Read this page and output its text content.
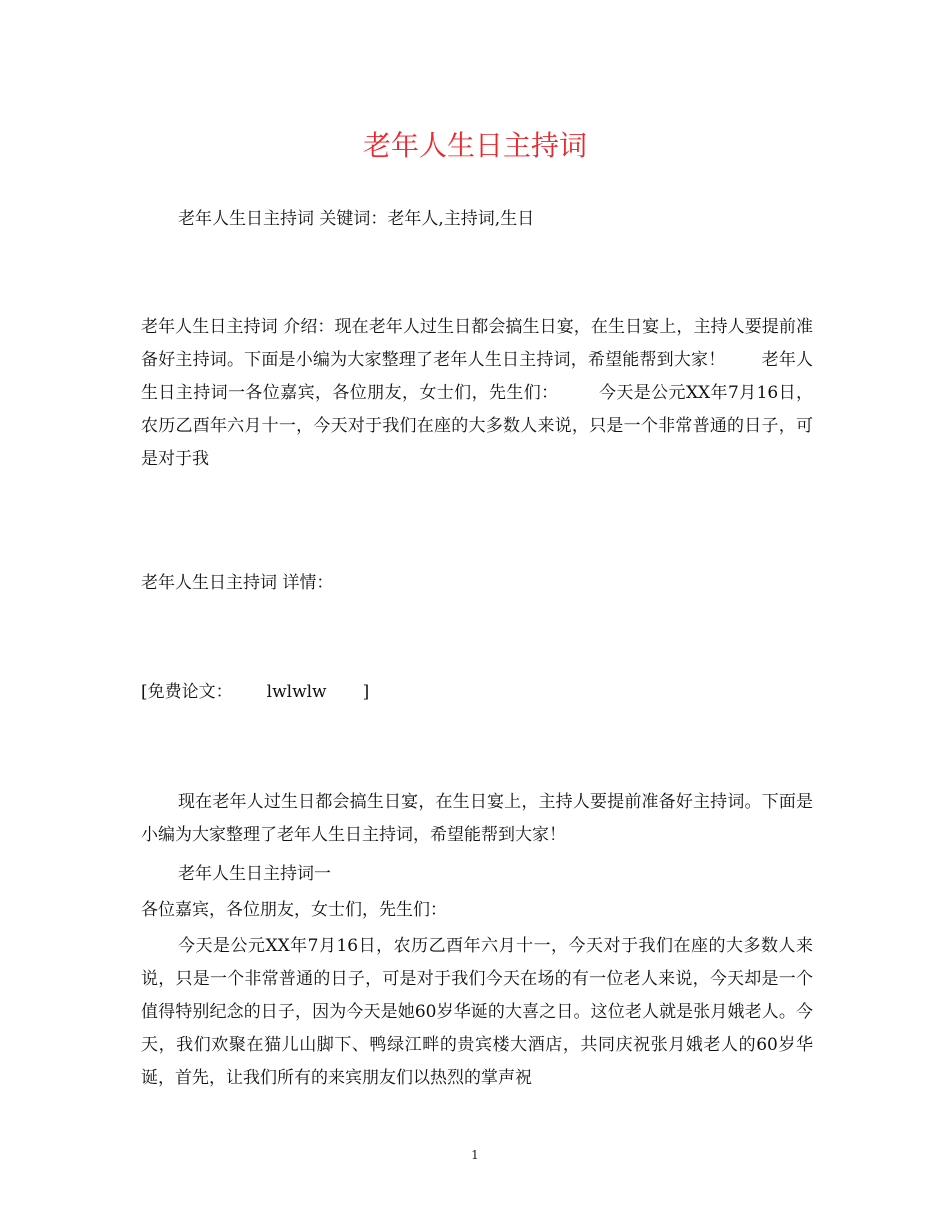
老年人生日主持词

老年人生日主持词 关键词：老年人,主持词,生日

老年人生日主持词 介绍：现在老年人过生日都会搞生日宴，在生日宴上，主持人要提前准备好主持词。下面是小编为大家整理了老年人生日主持词，希望能帮到大家！ 老年人生日主持词一各位嘉宾，各位朋友，女士们，先生们： 今天是公元XX年7月16日，农历乙酉年六月十一，今天对于我们在座的大多数人来说，只是一个非常普通的日子，可是对于我

老年人生日主持词 详情：

[免费论文： lwlwlw ]

现在老年人过生日都会搞生日宴，在生日宴上，主持人要提前准备好主持词。下面是小编为大家整理了老年人生日主持词，希望能帮到大家！

老年人生日主持词一

各位嘉宾，各位朋友，女士们，先生们：

今天是公元XX年7月16日，农历乙酉年六月十一，今天对于我们在座的大多数人来说，只是一个非常普通的日子，可是对于我们今天在场的有一位老人来说，今天却是一个值得特别纪念的日子，因为今天是她60岁华诞的大喜之日。这位老人就是张月娥老人。今天，我们欢聚在猫儿山脚下、鸭绿江畔的贵宾楼大酒店，共同庆祝张月娥老人的60岁华诞，首先，让我们所有的来宾朋友们以热烈的掌声祝

1
